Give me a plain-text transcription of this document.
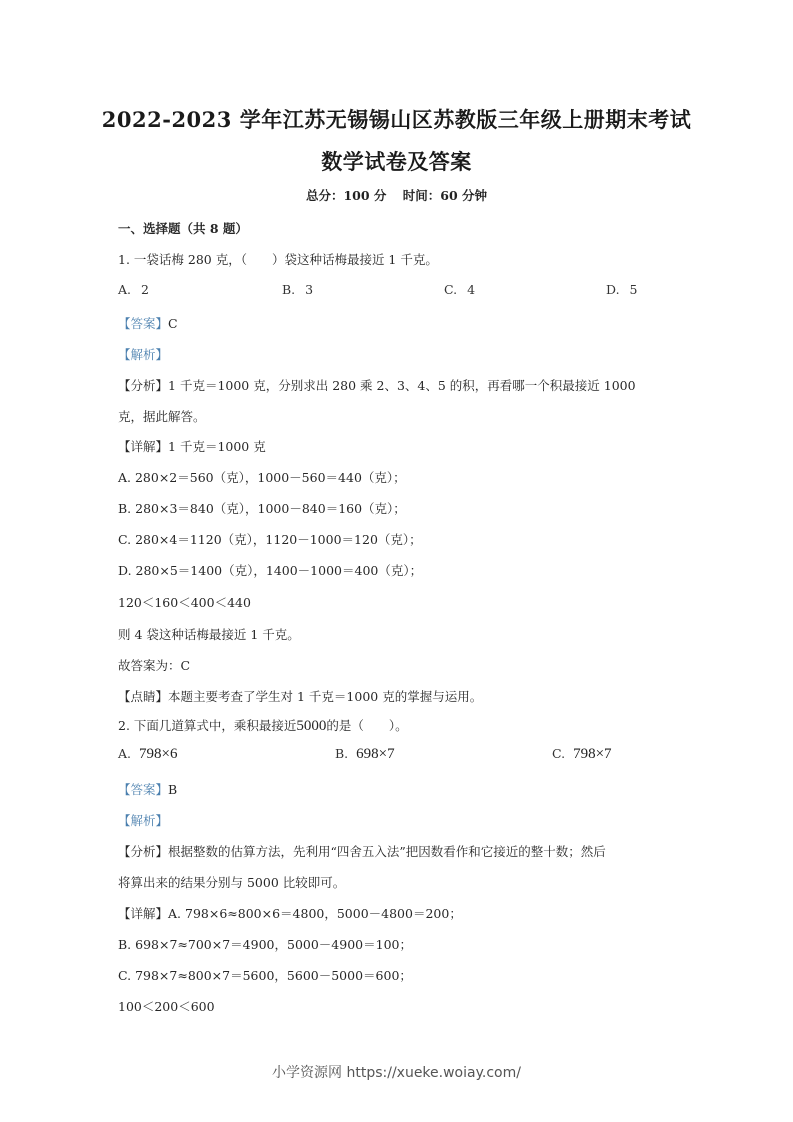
2022-2023 学年江苏无锡锡山区苏教版三年级上册期末考试
数学试卷及答案
总分：100 分 时间：60 分钟
一、选择题（共 8 题）
1. 一袋话梅 280 克，（　　）袋这种话梅最接近 1 千克。
A. 2	B. 3	C. 4	D. 5
【答案】C
【解析】
【分析】1 千克＝1000 克，分别求出 280 乘 2、3、4、5 的积，再看哪一个积最接近 1000
克，据此解答。
【详解】1 千克＝1000 克
A. 280×2＝560（克），1000－560＝440（克）；
B. 280×3＝840（克），1000－840＝160（克）；
C. 280×4＝1120（克），1120－1000＝120（克）；
D. 280×5＝1400（克），1400－1000＝400（克）；
120＜160＜400＜440
则 4 袋这种话梅最接近 1 千克。
故答案为：C
【点睛】本题主要考查了学生对 1 千克＝1000 克的掌握与运用。
2. 下面几道算式中，乘积最接近5000的是（　　）。
A. 798×6	B. 698×7	C. 798×7
【答案】B
【解析】
【分析】根据整数的估算方法，先利用“四舍五入法”把因数看作和它接近的整十数；然后
将算出来的结果分别与 5000 比较即可。
【详解】A. 798×6≈800×6＝4800，5000－4800＝200；
B. 698×7≈700×7＝4900，5000－4900＝100；
C. 798×7≈800×7＝5600，5600－5000＝600；
100＜200＜600
小学资源网 https://xueke.woiay.com/
